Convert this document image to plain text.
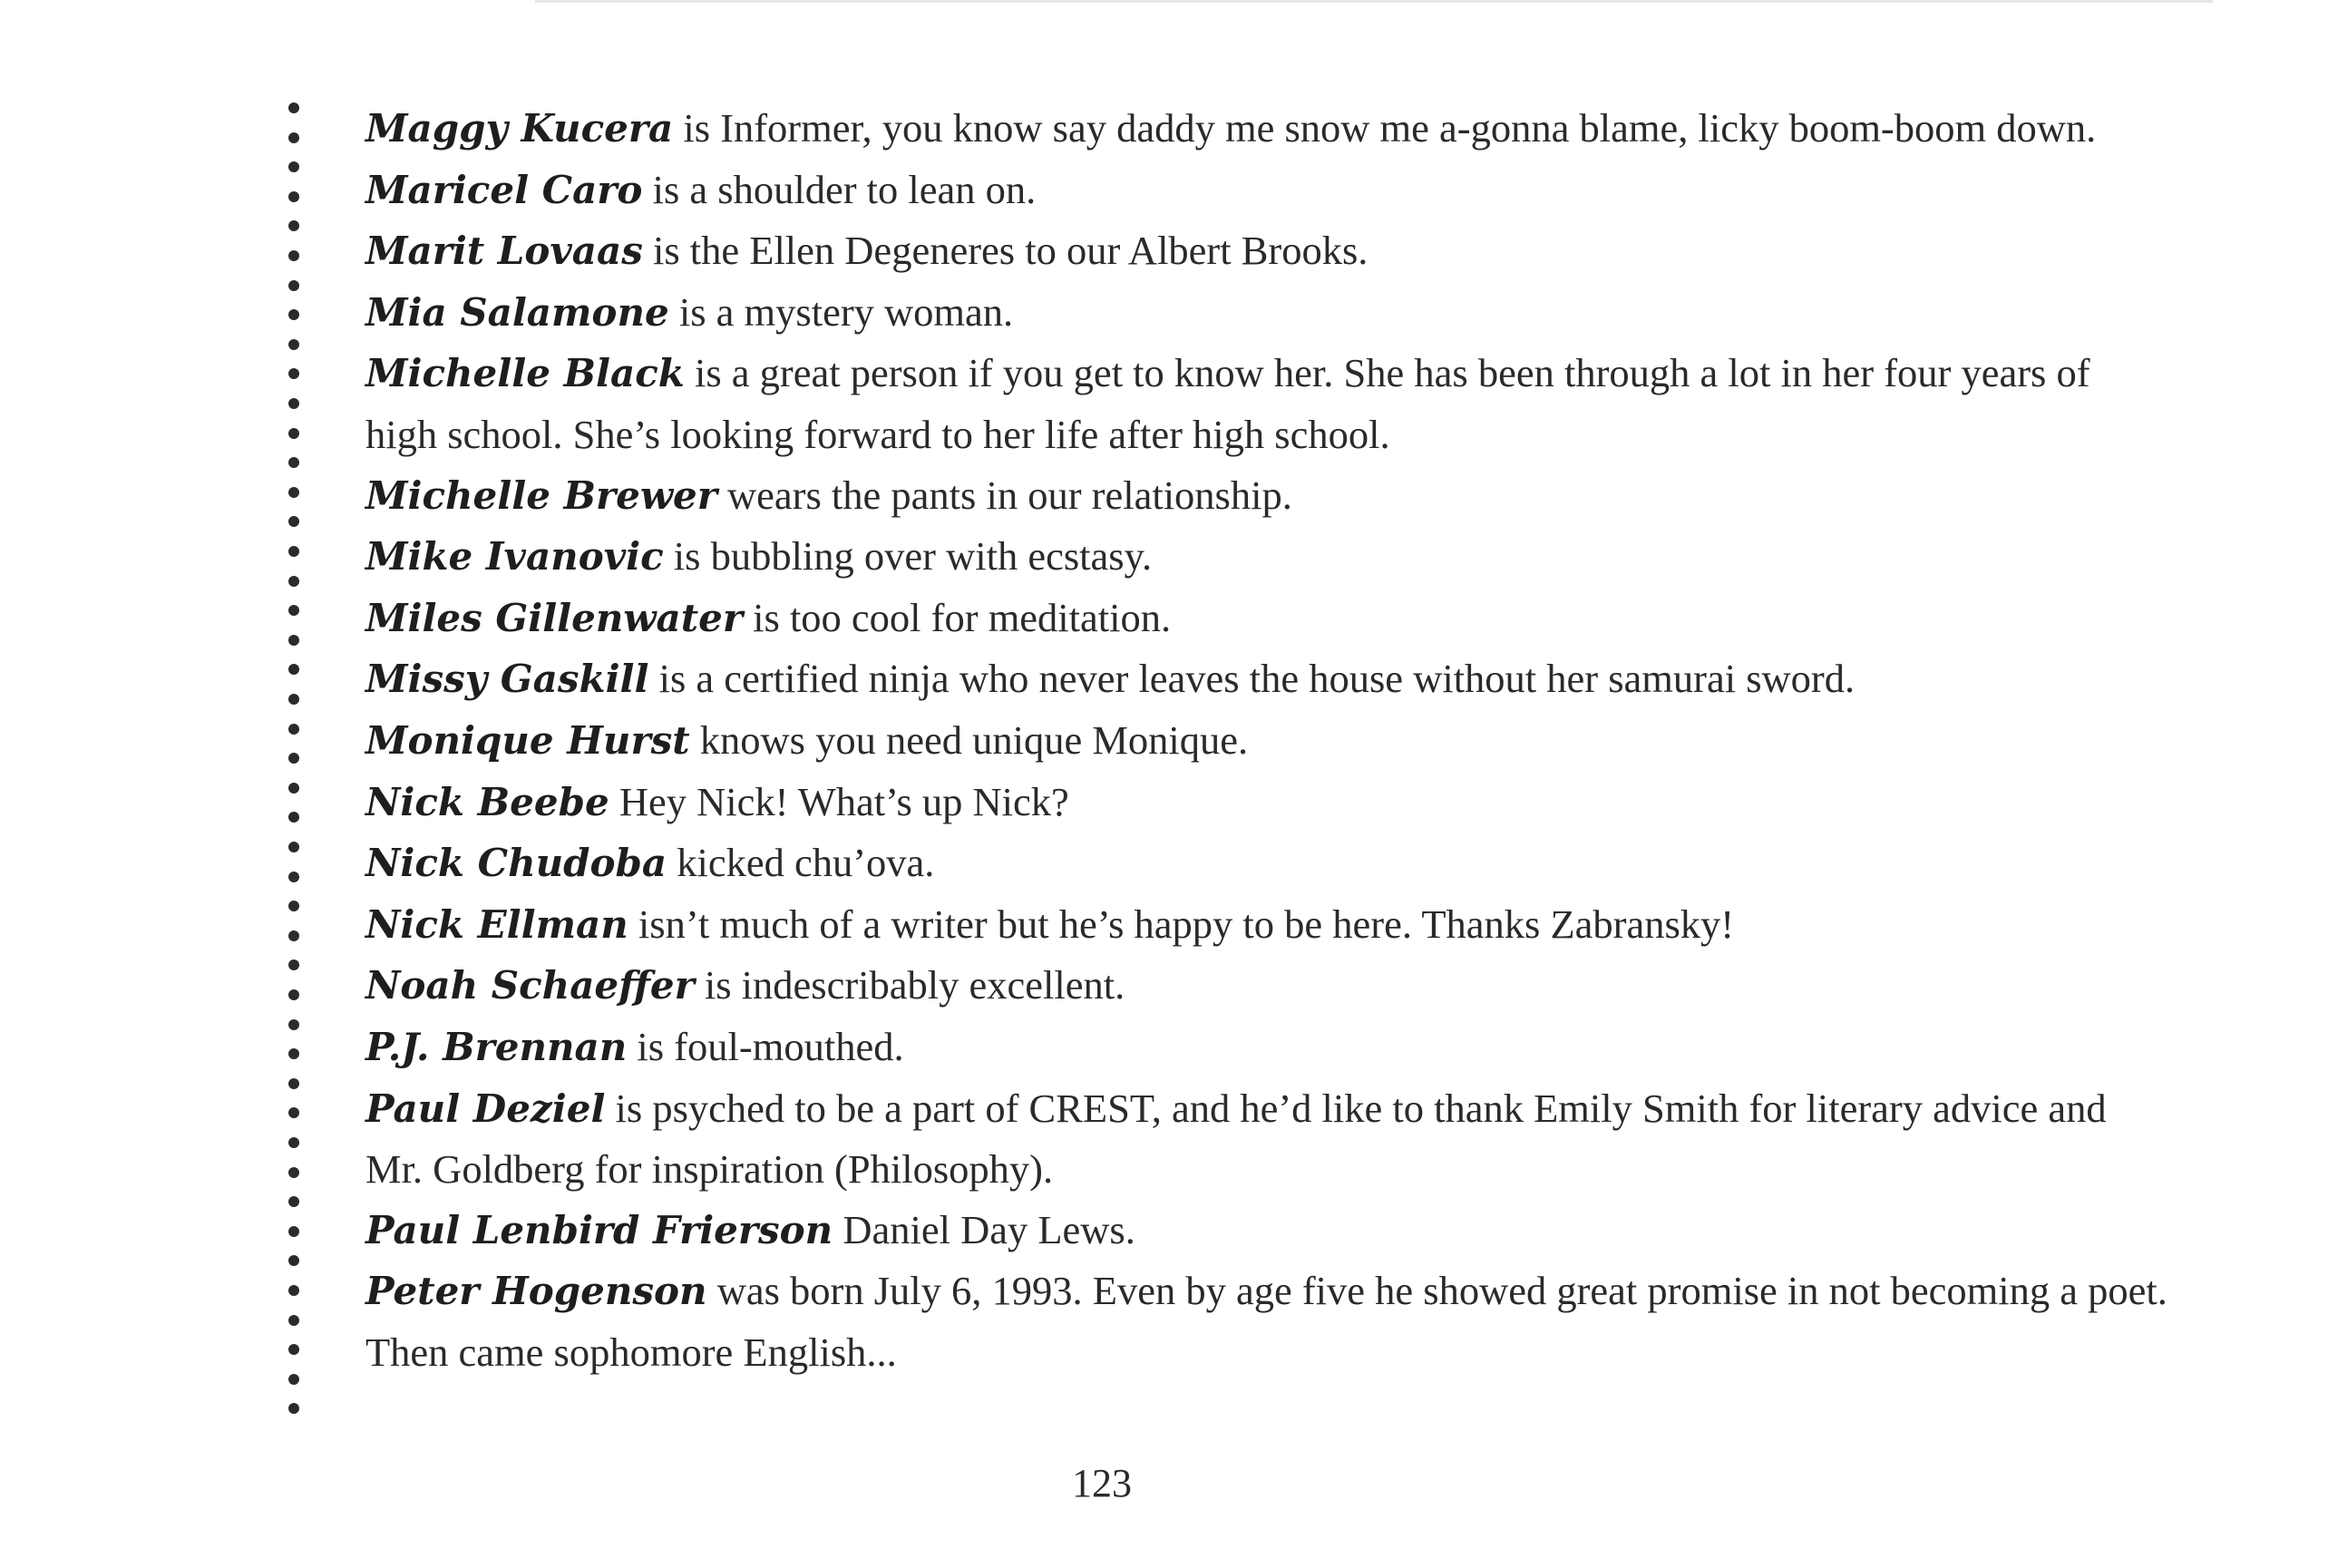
Maggy Kucera is Informer, you know say daddy me snow me a-gonna blame, licky boom-boom down.
Maricel Caro is a shoulder to lean on.
Marit Lovaas is the Ellen Degeneres to our Albert Brooks.
Mia Salamone is a mystery woman.
Michelle Black is a great person if you get to know her. She has been through a lot in her four years of high school. She’s looking forward to her life after high school.
Michelle Brewer wears the pants in our relationship.
Mike Ivanovic is bubbling over with ecstasy.
Miles Gillenwater is too cool for meditation.
Missy Gaskill is a certified ninja who never leaves the house without her samurai sword.
Monique Hurst knows you need unique Monique.
Nick Beebe Hey Nick! What’s up Nick?
Nick Chudoba kicked chu’ova.
Nick Ellman isn’t much of a writer but he’s happy to be here. Thanks Zabransky!
Noah Schaeffer is indescribably excellent.
P.J. Brennan is foul-mouthed.
Paul Deziel is psyched to be a part of CREST, and he’d like to thank Emily Smith for literary advice and Mr. Goldberg for inspiration (Philosophy).
Paul Lenbird Frierson Daniel Day Lews.
Peter Hogenson was born July 6, 1993. Even by age five he showed great promise in not becoming a poet. Then came sophomore English...
123
